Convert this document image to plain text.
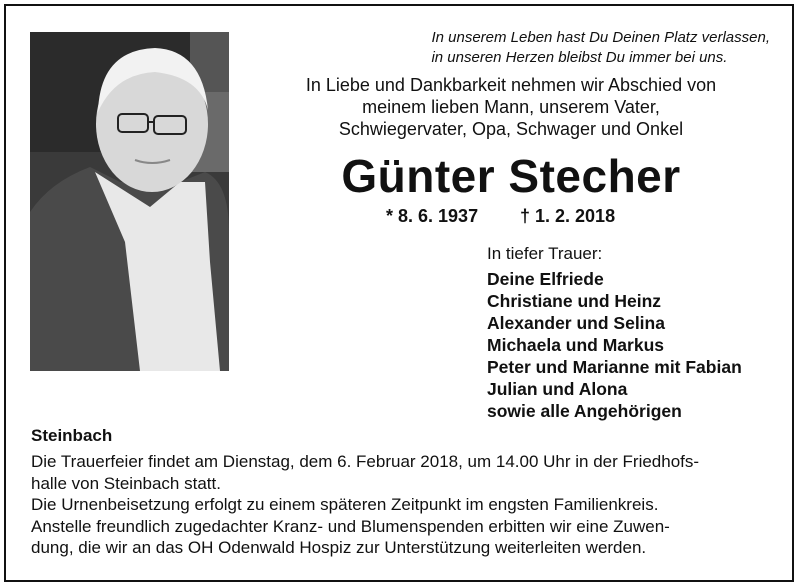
In unserem Leben hast Du Deinen Platz verlassen,
in unseren Herzen bleibst Du immer bei uns.
In Liebe und Dankbarkeit nehmen wir Abschied von
meinem lieben Mann, unserem Vater,
Schwiegervater, Opa, Schwager und Onkel
Günter Stecher
* 8. 6. 1937 † 1. 2. 2018
In tiefer Trauer:
Deine Elfriede
Christiane und Heinz
Alexander und Selina
Michaela und Markus
Peter und Marianne mit Fabian
Julian und Alona
sowie alle Angehörigen
Steinbach
Die Trauerfeier findet am Dienstag, dem 6. Februar 2018, um 14.00 Uhr in der Friedhofs-
halle von Steinbach statt.
Die Urnenbeisetzung erfolgt zu einem späteren Zeitpunkt im engsten Familienkreis.
Anstelle freundlich zugedachter Kranz- und Blumenspenden erbitten wir eine Zuwen-
dung, die wir an das OH Odenwald Hospiz zur Unterstützung weiterleiten werden.
